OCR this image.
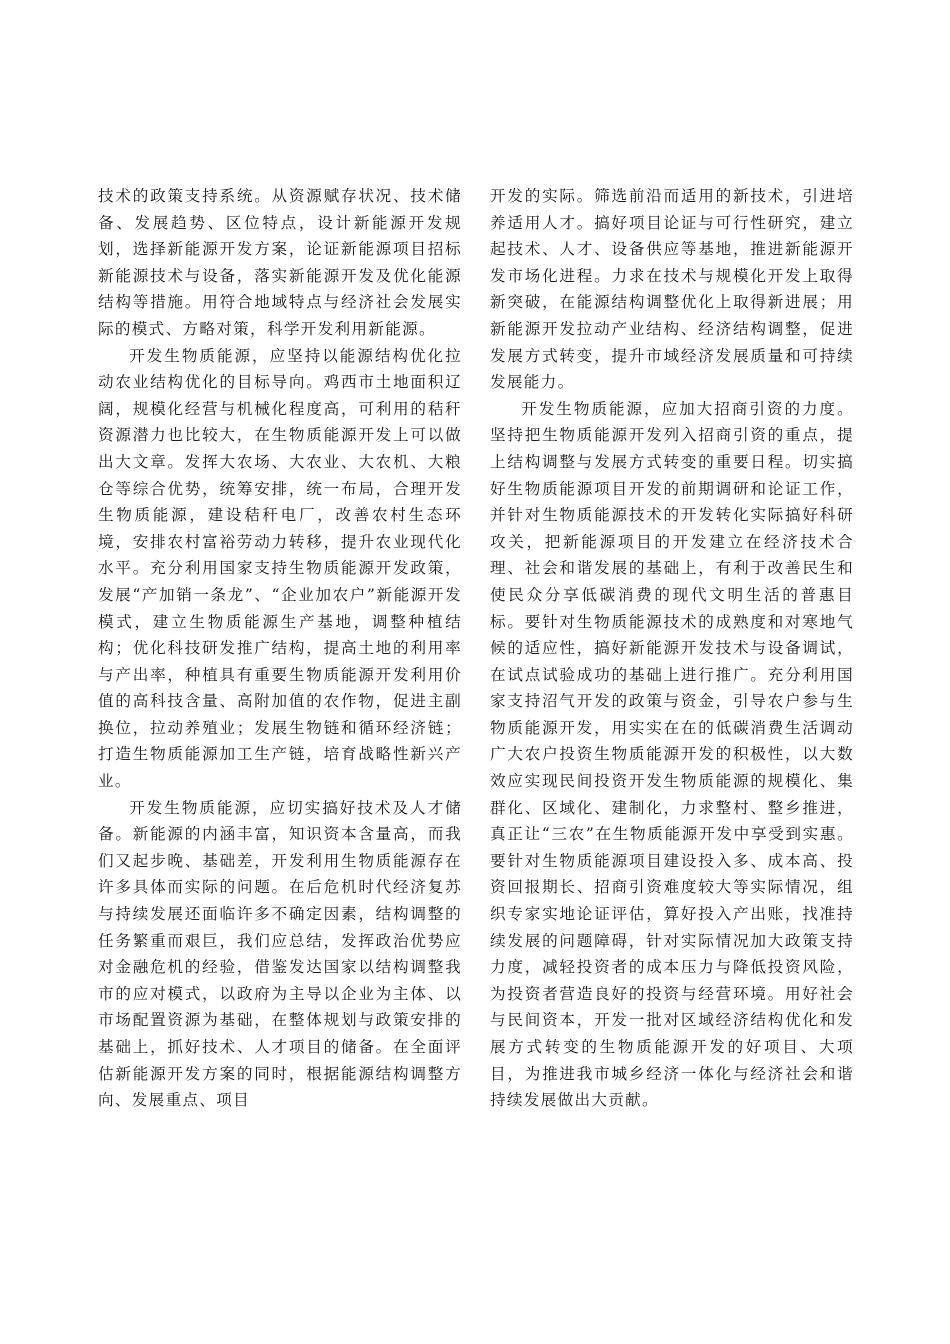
技术的政策支持系统。从资源赋存状况、技术储备、发展趋势、区位特点，设计新能源开发规划，选择新能源开发方案，论证新能源项目招标新能源技术与设备，落实新能源开发及优化能源结构等措施。用符合地域特点与经济社会发展实际的模式、方略对策，科学开发利用新能源。

开发生物质能源，应坚持以能源结构优化拉动农业结构优化的目标导向。鸡西市土地面积辽阔，规模化经营与机械化程度高，可利用的秸秆资源潜力也比较大，在生物质能源开发上可以做出大文章。发挥大农场、大农业、大农机、大粮仓等综合优势，统筹安排，统一布局，合理开发生物质能源，建设秸秆电厂，改善农村生态环境，安排农村富裕劳动力转移，提升农业现代化水平。充分利用国家支持生物质能源开发政策，发展“产加销一条龙”、“企业加农户”新能源开发模式，建立生物质能源生产基地，调整种植结构；优化科技研发推广结构，提高土地的利用率与产出率，种植具有重要生物质能源开发利用价值的高科技含量、高附加值的农作物，促进主副换位，拉动养殖业；发展生物链和循环经济链；打造生物质能源加工生产链，培育战略性新兴产业。

开发生物质能源，应切实搞好技术及人才储备。新能源的内涵丰富，知识资本含量高，而我们又起步晚、基础差，开发利用生物质能源存在许多具体而实际的问题。在后危机时代经济复苏与持续发展还面临许多不确定因素，结构调整的任务繁重而艰巨，我们应总结，发挥政治优势应对金融危机的经验，借鉴发达国家以结构调整我市的应对模式，以政府为主导以企业为主体、以市场配置资源为基础，在整体规划与政策安排的基础上，抓好技术、人才项目的储备。在全面评估新能源开发方案的同时，根据能源结构调整方向、发展重点、项目

开发的实际。筛选前沿而适用的新技术，引进培养适用人才。搞好项目论证与可行性研究，建立起技术、人才、设备供应等基地，推进新能源开发市场化进程。力求在技术与规模化开发上取得新突破，在能源结构调整优化上取得新进展；用新能源开发拉动产业结构、经济结构调整，促进发展方式转变，提升市域经济发展质量和可持续发展能力。

开发生物质能源，应加大招商引资的力度。坚持把生物质能源开发列入招商引资的重点，提上结构调整与发展方式转变的重要日程。切实搞好生物质能源项目开发的前期调研和论证工作，并针对生物质能源技术的开发转化实际搞好科研攻关，把新能源项目的开发建立在经济技术合理、社会和谐发展的基础上，有利于改善民生和使民众分享低碳消费的现代文明生活的普惠目标。要针对生物质能源技术的成熟度和对寒地气候的适应性，搞好新能源开发技术与设备调试，在试点试验成功的基础上进行推广。充分利用国家支持沼气开发的政策与资金，引导农户参与生物质能源开发，用实实在在的低碳消费生活调动广大农户投资生物质能源开发的积极性，以大数效应实现民间投资开发生物质能源的规模化、集群化、区域化、建制化，力求整村、整乡推进，真正让“三农”在生物质能源开发中享受到实惠。要针对生物质能源项目建设投入多、成本高、投资回报期长、招商引资难度较大等实际情况，组织专家实地论证评估，算好投入产出账，找准持续发展的问题障碍，针对实际情况加大政策支持力度，减轻投资者的成本压力与降低投资风险，为投资者营造良好的投资与经营环境。用好社会与民间资本，开发一批对区域经济结构优化和发展方式转变的生物质能源开发的好项目、大项目，为推进我市城乡经济一体化与经济社会和谐持续发展做出大贡献。
